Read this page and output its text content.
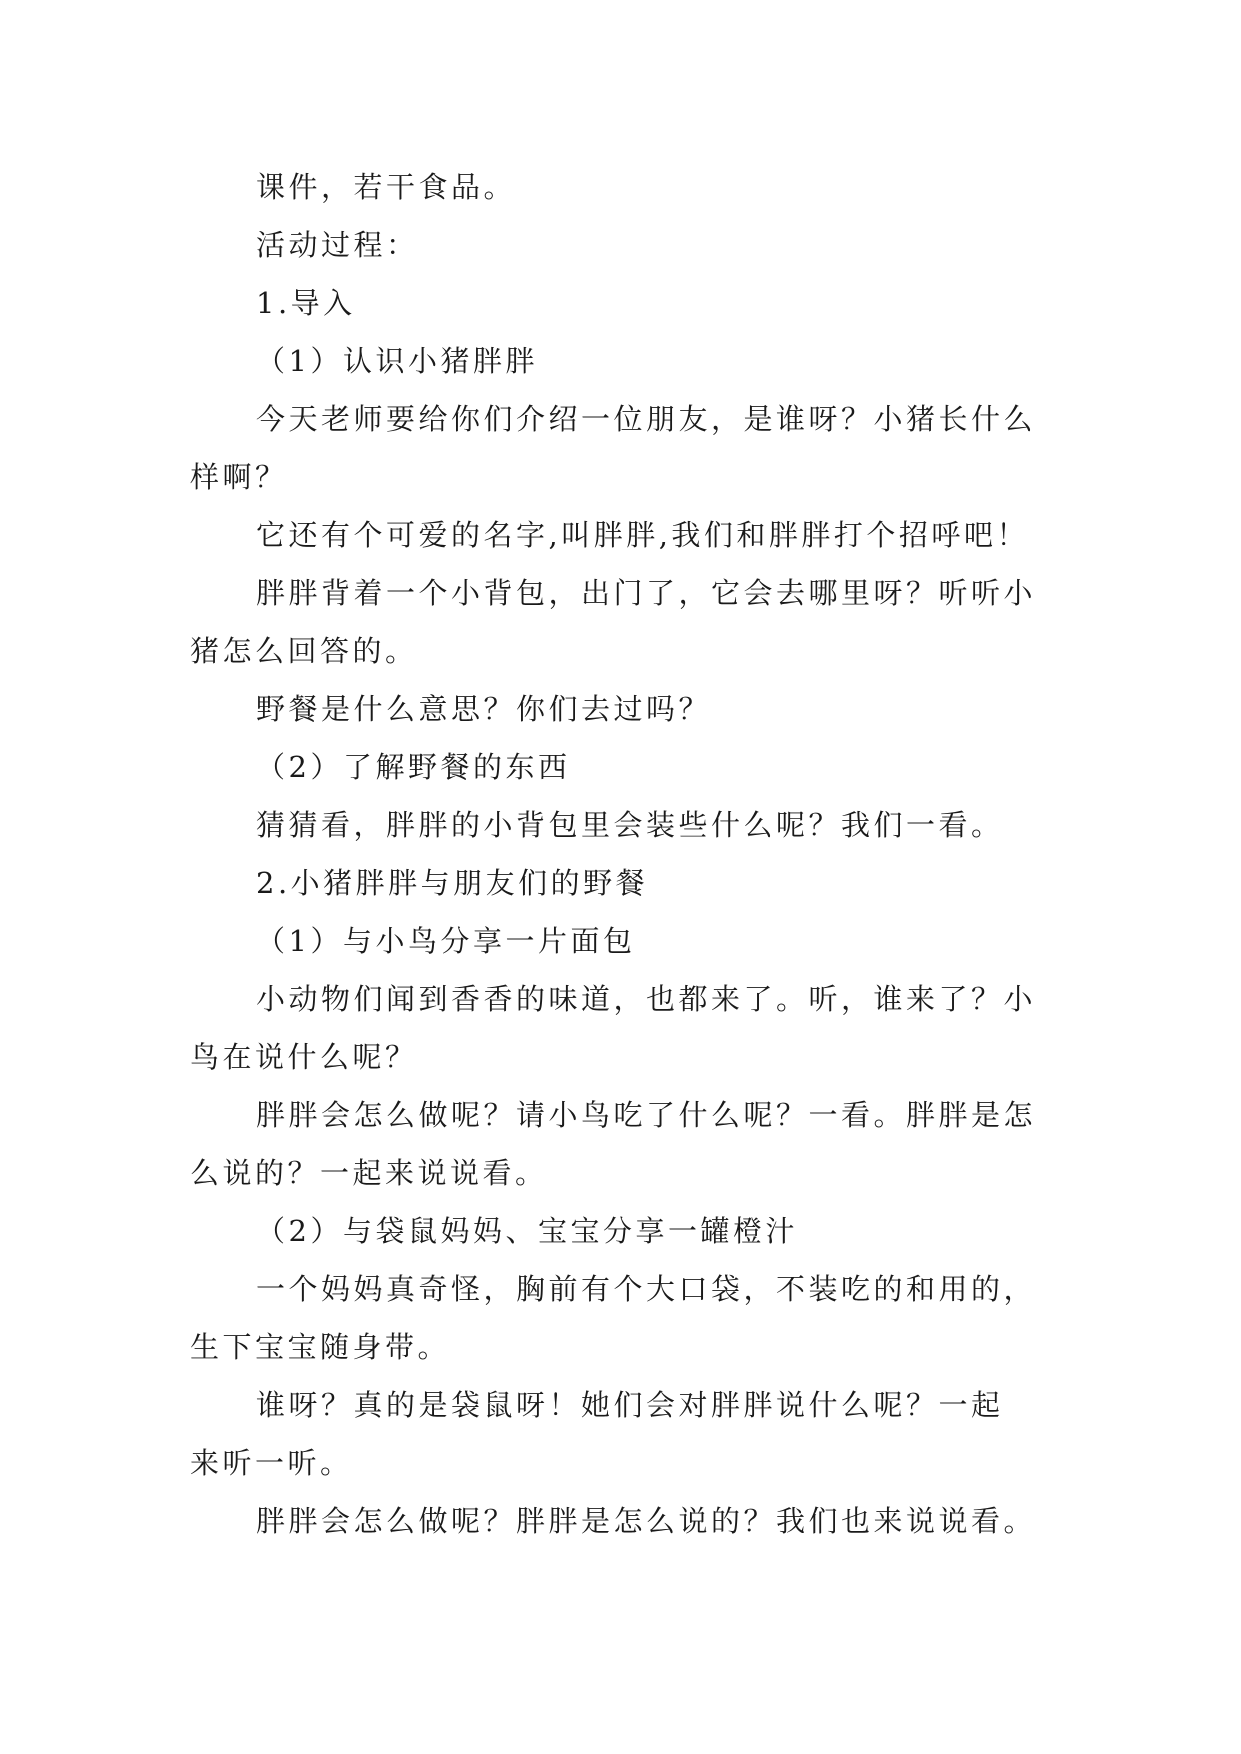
课件，若干食品。

活动过程：

1.导入

（1）认识小猪胖胖

今天老师要给你们介绍一位朋友，是谁呀？小猪长什么

样啊？

它还有个可爱的名字,叫胖胖,我们和胖胖打个招呼吧！

胖胖背着一个小背包，出门了，它会去哪里呀？听听小

猪怎么回答的。

野餐是什么意思？你们去过吗？

（2）了解野餐的东西

猜猜看，胖胖的小背包里会装些什么呢？我们一看。

2.小猪胖胖与朋友们的野餐

（1）与小鸟分享一片面包

小动物们闻到香香的味道，也都来了。听，谁来了？小

鸟在说什么呢？

胖胖会怎么做呢？请小鸟吃了什么呢？一看。胖胖是怎

么说的？一起来说说看。

（2）与袋鼠妈妈、宝宝分享一罐橙汁

一个妈妈真奇怪，胸前有个大口袋，不装吃的和用的，

生下宝宝随身带。

谁呀？真的是袋鼠呀！她们会对胖胖说什么呢？一起

来听一听。

胖胖会怎么做呢？胖胖是怎么说的？我们也来说说看。
